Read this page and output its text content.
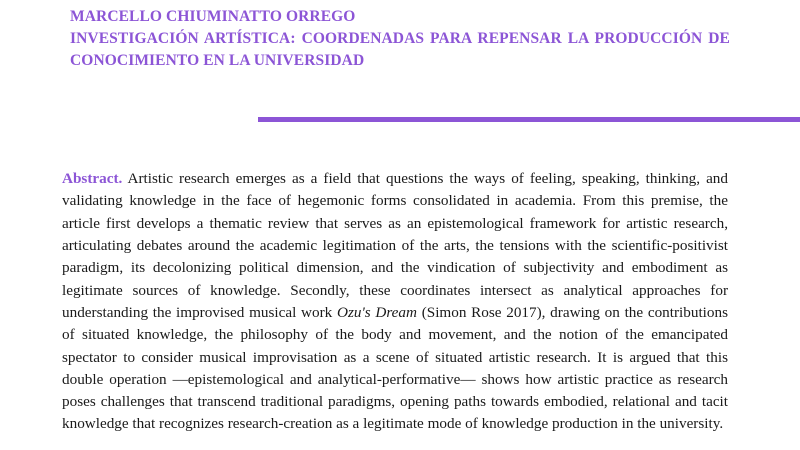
MARCELLO CHIUMINATTO ORREGO
INVESTIGACIÓN ARTÍSTICA: COORDENADAS PARA REPENSAR LA PRODUCCIÓN DE CONOCIMIENTO EN LA UNIVERSIDAD

Abstract. Artistic research emerges as a field that questions the ways of feeling, speaking, thinking, and validating knowledge in the face of hegemonic forms consolidated in academia. From this premise, the article first develops a thematic review that serves as an epistemological framework for artistic research, articulating debates around the academic legitimation of the arts, the tensions with the scientific-positivist paradigm, its decolonizing political dimension, and the vindication of subjectivity and embodiment as legitimate sources of knowledge. Secondly, these coordinates intersect as analytical approaches for understanding the improvised musical work Ozu's Dream (Simon Rose 2017), drawing on the contributions of situated knowledge, the philosophy of the body and movement, and the notion of the emancipated spectator to consider musical improvisation as a scene of situated artistic research. It is argued that this double operation —epistemological and analytical-performative— shows how artistic practice as research poses challenges that transcend traditional paradigms, opening paths towards embodied, relational and tacit knowledge that recognizes research-creation as a legitimate mode of knowledge production in the university.
